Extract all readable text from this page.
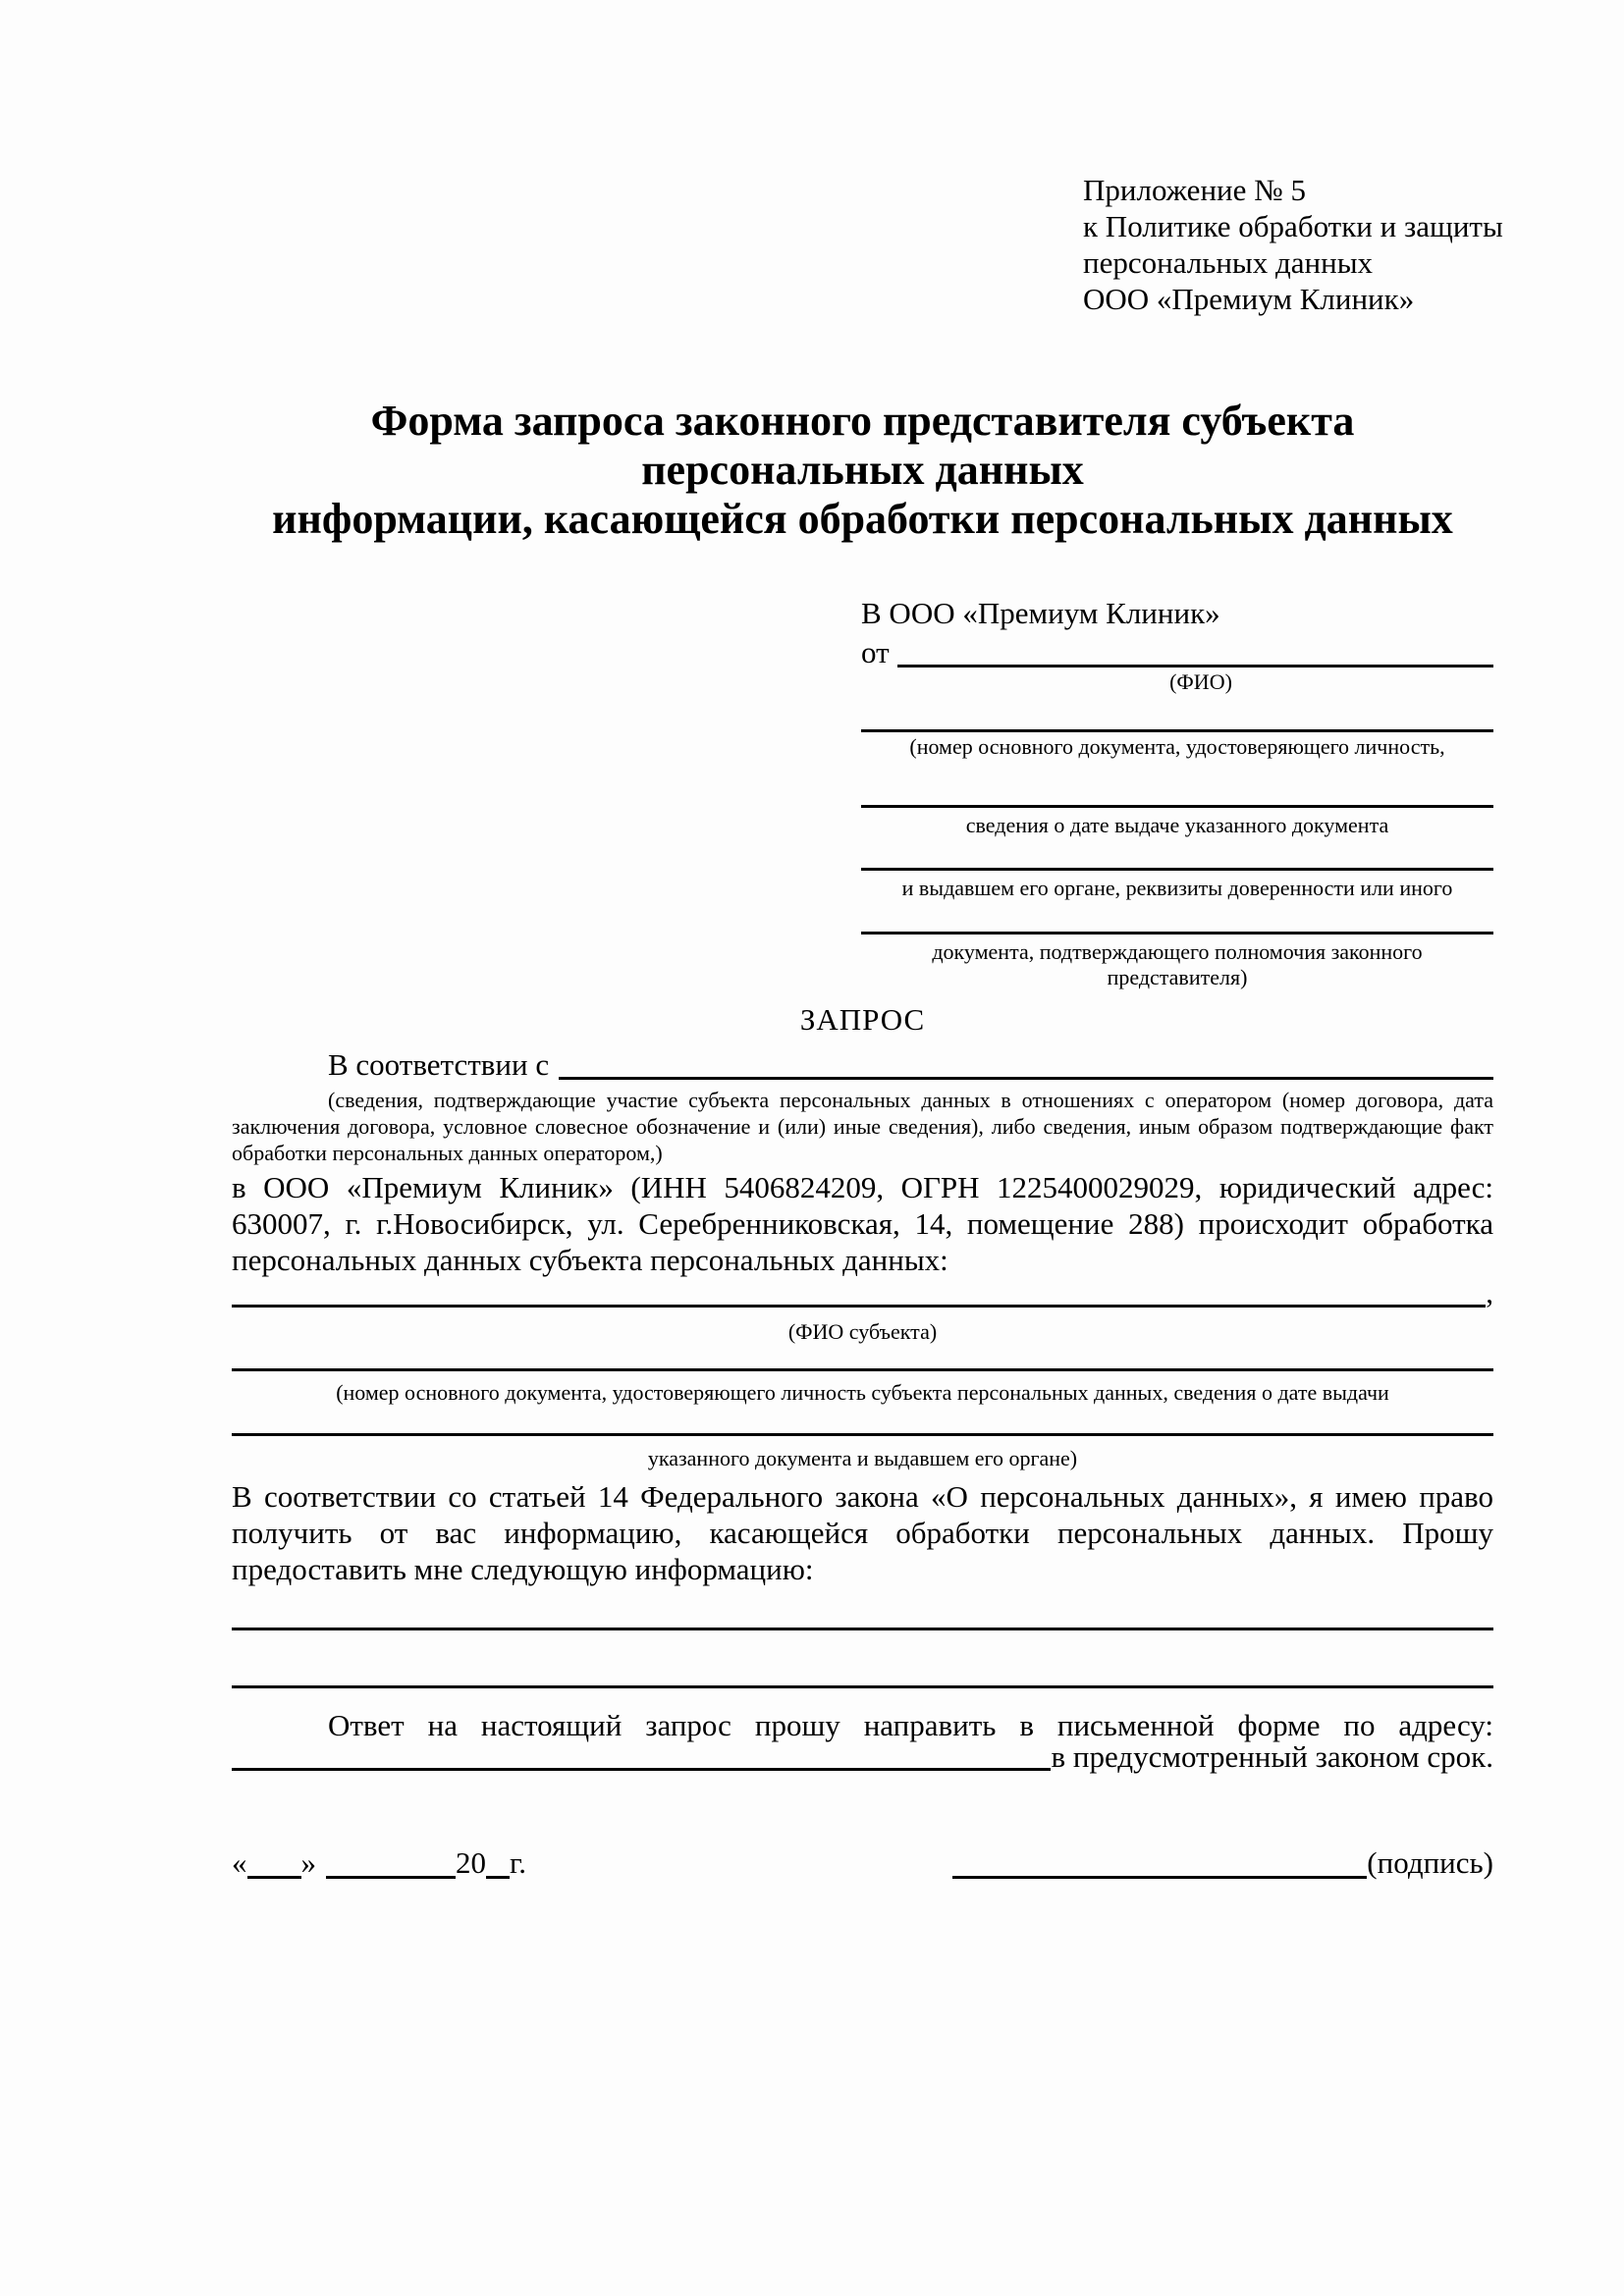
Приложение № 5
к Политике обработки и защиты
персональных данных
ООО «Премиум Клиник»
Форма запроса законного представителя субъекта персональных данных
информации, касающейся обработки персональных данных
В ООО «Премиум Клиник»
от
(ФИО)
(номер основного документа, удостоверяющего личность,
сведения о дате выдаче указанного документа
и выдавшем его органе, реквизиты доверенности или иного
документа, подтверждающего полномочия законного представителя)
ЗАПРОС
В соответствии с
(сведения, подтверждающие участие субъекта персональных данных в отношениях с оператором (номер договора, дата заключения договора, условное словесное обозначение и (или) иные сведения), либо сведения, иным образом подтверждающие факт обработки персональных данных оператором,)

в ООО «Премиум Клиник» (ИНН 5406824209, ОГРН 1225400029029, юридический адрес: 630007, г. г.Новосибирск, ул. Серебренниковская, 14, помещение 288) происходит обработка персональных данных субъекта персональных данных:

,
(ФИО субъекта)
(номер основного документа, удостоверяющего личность субъекта персональных данных, сведения о дате выдачи
указанного документа и выдавшем его органе)

В соответствии со статьей 14 Федерального закона «О персональных данных», я имею право получить от вас информацию, касающейся обработки персональных данных. Прошу предоставить мне следующую информацию:

Ответ на настоящий запрос прошу направить в письменной форме по адресу:

в предусмотренный законом срок.
« »	20 г.	(подпись)
